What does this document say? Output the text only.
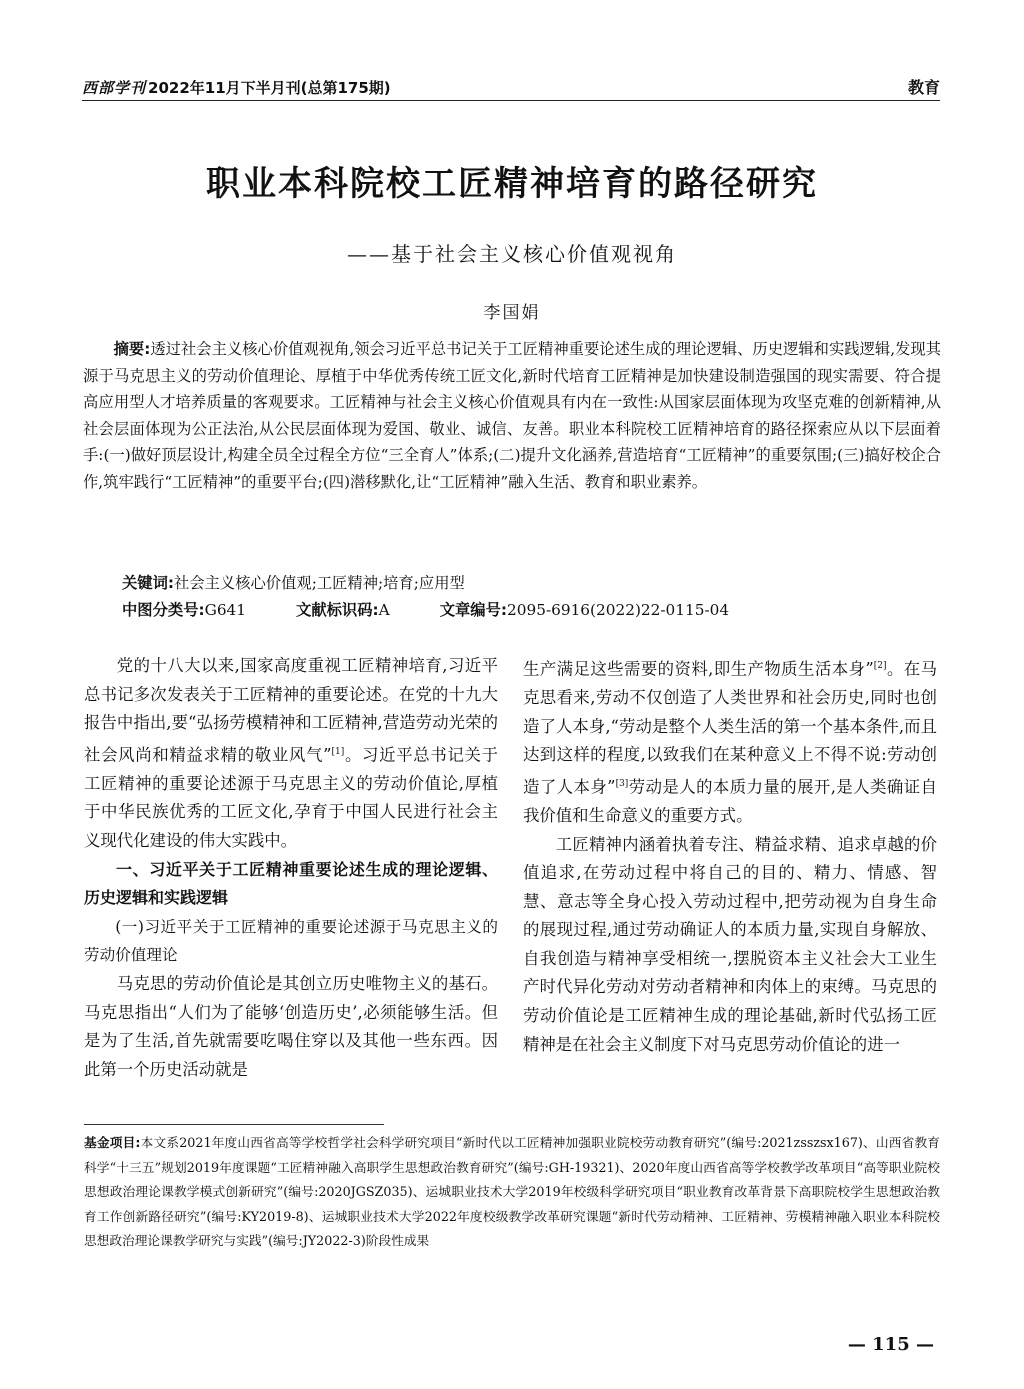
西部学刊 2022年11月下半月刊(总第175期)	教育
职业本科院校工匠精神培育的路径研究
——基于社会主义核心价值观视角
李国娟
摘要:透过社会主义核心价值观视角,领会习近平总书记关于工匠精神重要论述生成的理论逻辑、历史逻辑和实践逻辑,发现其源于马克思主义的劳动价值理论、厚植于中华优秀传统工匠文化,新时代培育工匠精神是加快建设制造强国的现实需要、符合提高应用型人才培养质量的客观要求。工匠精神与社会主义核心价值观具有内在一致性:从国家层面体现为攻坚克难的创新精神,从社会层面体现为公正法治,从公民层面体现为爱国、敬业、诚信、友善。职业本科院校工匠精神培育的路径探索应从以下层面着手:(一)做好顶层设计,构建全员全过程全方位“三全育人”体系;(二)提升文化涵养,营造培育“工匠精神”的重要氛围;(三)搞好校企合作,筑牢践行“工匠精神”的重要平台;(四)潜移默化,让“工匠精神”融入生活、教育和职业素养。
关键词:社会主义核心价值观;工匠精神;培育;应用型
中图分类号:G641	文献标识码:A	文章编号:2095-6916(2022)22-0115-04

党的十八大以来,国家高度重视工匠精神培育,习近平总书记多次发表关于工匠精神的重要论述。在党的十九大报告中指出,要“弘扬劳模精神和工匠精神,营造劳动光荣的社会风尚和精益求精的敬业风气”[1]。习近平总书记关于工匠精神的重要论述源于马克思主义的劳动价值论,厚植于中华民族优秀的工匠文化,孕育于中国人民进行社会主义现代化建设的伟大实践中。

一、习近平关于工匠精神重要论述生成的理论逻辑、历史逻辑和实践逻辑

(一)习近平关于工匠精神的重要论述源于马克思主义的劳动价值理论

马克思的劳动价值论是其创立历史唯物主义的基石。马克思指出“人们为了能够‘创造历史’,必须能够生活。但是为了生活,首先就需要吃喝住穿以及其他一些东西。因此第一个历史活动就是

生产满足这些需要的资料,即生产物质生活本身”[2]。在马克思看来,劳动不仅创造了人类世界和社会历史,同时也创造了人本身,“劳动是整个人类生活的第一个基本条件,而且达到这样的程度,以致我们在某种意义上不得不说:劳动创造了人本身”[3]劳动是人的本质力量的展开,是人类确证自我价值和生命意义的重要方式。

工匠精神内涵着执着专注、精益求精、追求卓越的价值追求,在劳动过程中将自己的目的、精力、情感、智慧、意志等全身心投入劳动过程中,把劳动视为自身生命的展现过程,通过劳动确证人的本质力量,实现自身解放、自我创造与精神享受相统一,摆脱资本主义社会大工业生产时代异化劳动对劳动者精神和肉体上的束缚。马克思的劳动价值论是工匠精神生成的理论基础,新时代弘扬工匠精神是在社会主义制度下对马克思劳动价值论的进一

基金项目:本文系2021年度山西省高等学校哲学社会科学研究项目“新时代以工匠精神加强职业院校劳动教育研究”(编号:2021zsszsx167)、山西省教育科学“十三五”规划2019年度课题“工匠精神融入高职学生思想政治教育研究”(编号:GH-19321)、2020年度山西省高等学校教学改革项目“高等职业院校思想政治理论课教学模式创新研究”(编号:2020JGSZ035)、运城职业技术大学2019年校级科学研究项目“职业教育改革背景下高职院校学生思想政治教育工作创新路径研究”(编号:KY2019-8)、运城职业技术大学2022年度校级教学改革研究课题“新时代劳动精神、工匠精神、劳模精神融入职业本科院校思想政治理论课教学研究与实践”(编号:JY2022-3)阶段性成果
— 115 —
